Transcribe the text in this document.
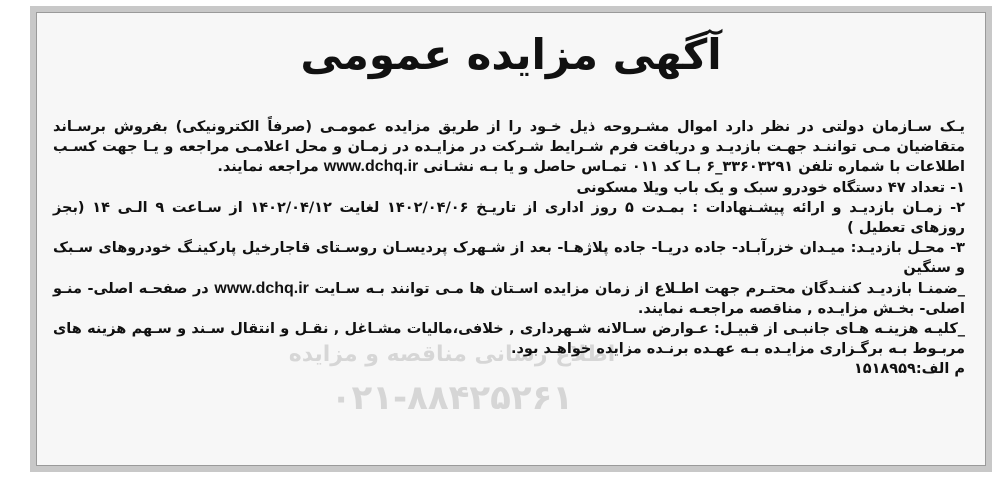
آگهی مزایده عمومی

یـک سـازمان دولتی در نظر دارد اموال مشـروحه ذیل خـود را از طریق مزایده عمومـی (صرفاً الکترونیکی) بفروش برسـاند متقاضیان مـی تواننـد جهـت بازدیـد و دریافت فرم شـرایط شـرکت در مزایـده در زمـان و محل اعلامـی مراجعه و یـا جهت کسـب اطلاعات با شماره تلفن ۳۳۶۰۳۲۹۱_۶ بـا کد ۰۱۱ تمـاس حاصل و یا بـه نشـانی www.dchq.ir مراجعه نمایند.

۱- تعداد ۴۷ دستگاه خودرو سبک و یک باب ویلا مسکونی

۲- زمـان بازدیـد و ارائه پیشـنهادات : بمـدت ۵ روز اداری از تاریـخ ۱۴۰۲/۰۴/۰۶ لغایت ۱۴۰۲/۰۴/۱۲ از سـاعت ۹ الـی ۱۴ (بجز روزهای تعطیل )

۳- محـل بازدیـد: میـدان خزرآبـاد- جاده دریـا- جاده پلاژهـا- بعد از شـهرک پردیسـان روسـتای قاجارخیل پارکینـگ خودروهای سـبک و سنگین

_ضمنـا بازدیـد کننـدگان محتـرم جهت اطـلاع از زمان مزایده اسـتان ها مـی توانند بـه سـایت www.dchq.ir در صفحـه اصلی- منـو اصلی- بخـش مزایـده , مناقصه مراجعـه نمایند.

_کلیـه هزینـه هـای جانبـی از قبیـل: عـوارض سـالانه شـهرداری , خلافی،مالیات مشـاغل , نقـل و انتقال سـند و سـهم هزینه های مربـوط بـه برگـزاری مزایـده بـه عهـده برنـده مزایده خواهـد بود.

م الف:۱۵۱۸۹۵۹

اطلاع رسانی مناقصه و مزایده
۰۲۱-۸۸۴۲۵۲۶۱
